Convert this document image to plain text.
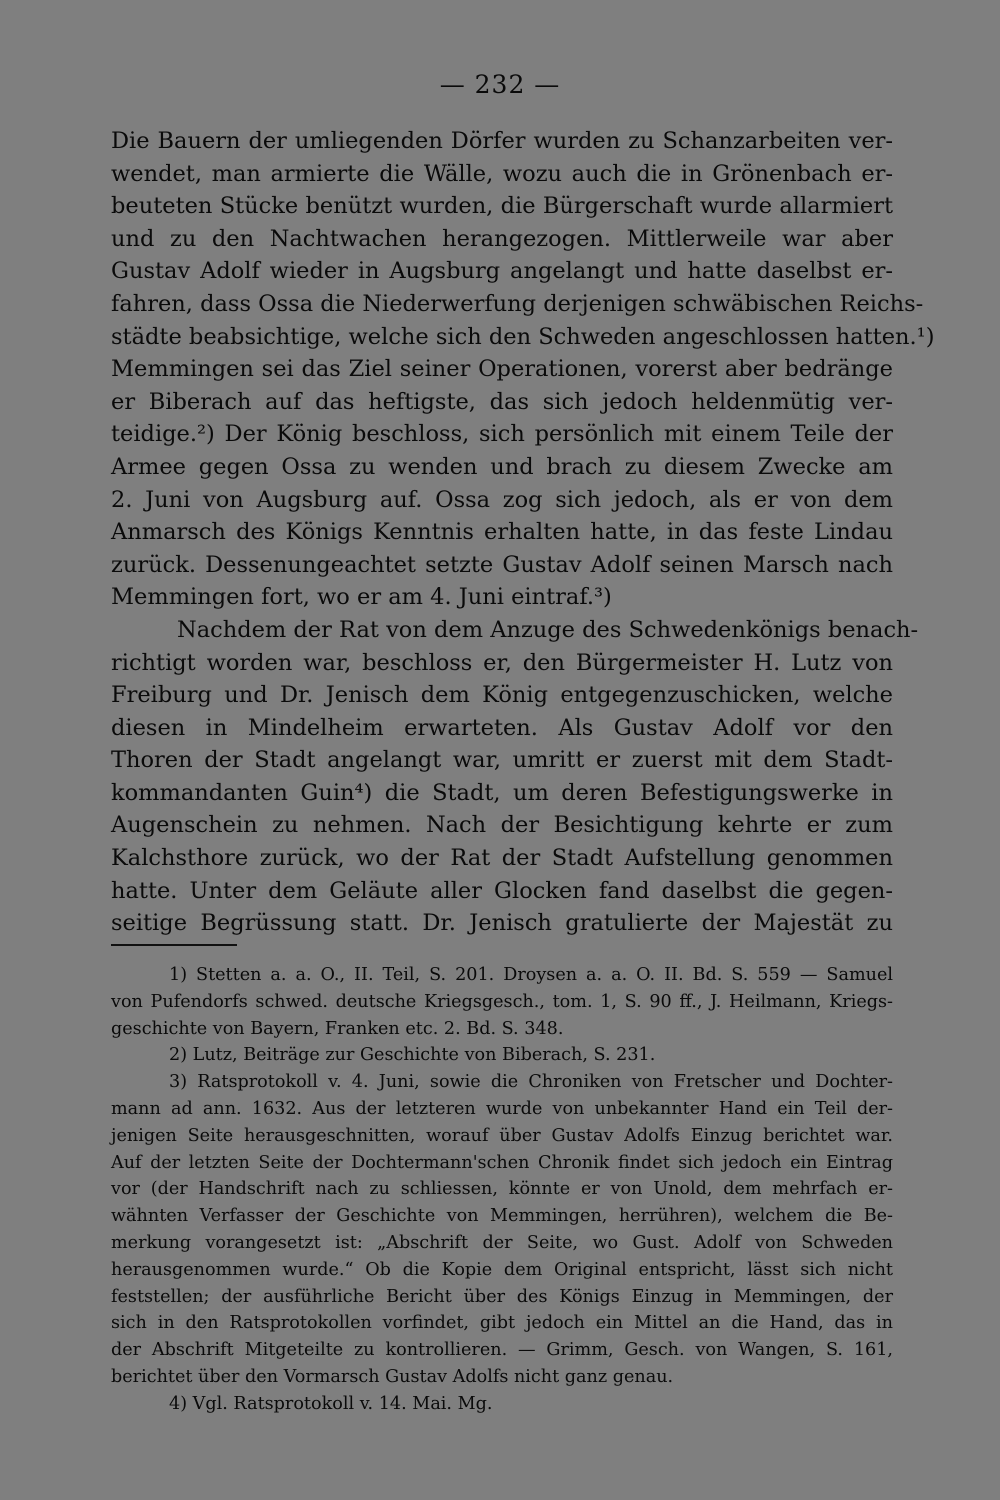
— 232 —
Die Bauern der umliegenden Dörfer wurden zu Schanzarbeiten ver-
wendet, man armierte die Wälle, wozu auch die in Grönenbach er-
beuteten Stücke benützt wurden, die Bürgerschaft wurde allarmiert
und zu den Nachtwachen herangezogen. Mittlerweile war aber
Gustav Adolf wieder in Augsburg angelangt und hatte daselbst er-
fahren, dass Ossa die Niederwerfung derjenigen schwäbischen Reichs-
städte beabsichtige, welche sich den Schweden angeschlossen hatten.¹)
Memmingen sei das Ziel seiner Operationen, vorerst aber bedränge
er Biberach auf das heftigste, das sich jedoch heldenmütig ver-
teidige.²) Der König beschloss, sich persönlich mit einem Teile der
Armee gegen Ossa zu wenden und brach zu diesem Zwecke am
2. Juni von Augsburg auf. Ossa zog sich jedoch, als er von dem
Anmarsch des Königs Kenntnis erhalten hatte, in das feste Lindau
zurück. Dessenungeachtet setzte Gustav Adolf seinen Marsch nach
Memmingen fort, wo er am 4. Juni eintraf.³)
Nachdem der Rat von dem Anzuge des Schwedenkönigs benach-
richtigt worden war, beschloss er, den Bürgermeister H. Lutz von
Freiburg und Dr. Jenisch dem König entgegenzuschicken, welche
diesen in Mindelheim erwarteten. Als Gustav Adolf vor den
Thoren der Stadt angelangt war, umritt er zuerst mit dem Stadt-
kommandanten Guin⁴) die Stadt, um deren Befestigungswerke in
Augenschein zu nehmen. Nach der Besichtigung kehrte er zum
Kalchsthore zurück, wo der Rat der Stadt Aufstellung genommen
hatte. Unter dem Geläute aller Glocken fand daselbst die gegen-
seitige Begrüssung statt. Dr. Jenisch gratulierte der Majestät zu
1) Stetten a. a. O., II. Teil, S. 201. Droysen a. a. O. II. Bd. S. 559 — Samuel
von Pufendorfs schwed. deutsche Kriegsgesch., tom. 1, S. 90 ff., J. Heilmann, Kriegs-
geschichte von Bayern, Franken etc. 2. Bd. S. 348.
2) Lutz, Beiträge zur Geschichte von Biberach, S. 231.
3) Ratsprotokoll v. 4. Juni, sowie die Chroniken von Fretscher und Dochter-
mann ad ann. 1632. Aus der letzteren wurde von unbekannter Hand ein Teil der-
jenigen Seite herausgeschnitten, worauf über Gustav Adolfs Einzug berichtet war.
Auf der letzten Seite der Dochtermann'schen Chronik findet sich jedoch ein Eintrag
vor (der Handschrift nach zu schliessen, könnte er von Unold, dem mehrfach er-
wähnten Verfasser der Geschichte von Memmingen, herrühren), welchem die Be-
merkung vorangesetzt ist: „Abschrift der Seite, wo Gust. Adolf von Schweden
herausgenommen wurde.“ Ob die Kopie dem Original entspricht, lässt sich nicht
feststellen; der ausführliche Bericht über des Königs Einzug in Memmingen, der
sich in den Ratsprotokollen vorfindet, gibt jedoch ein Mittel an die Hand, das in
der Abschrift Mitgeteilte zu kontrollieren. — Grimm, Gesch. von Wangen, S. 161,
berichtet über den Vormarsch Gustav Adolfs nicht ganz genau.
4) Vgl. Ratsprotokoll v. 14. Mai. Mg.
